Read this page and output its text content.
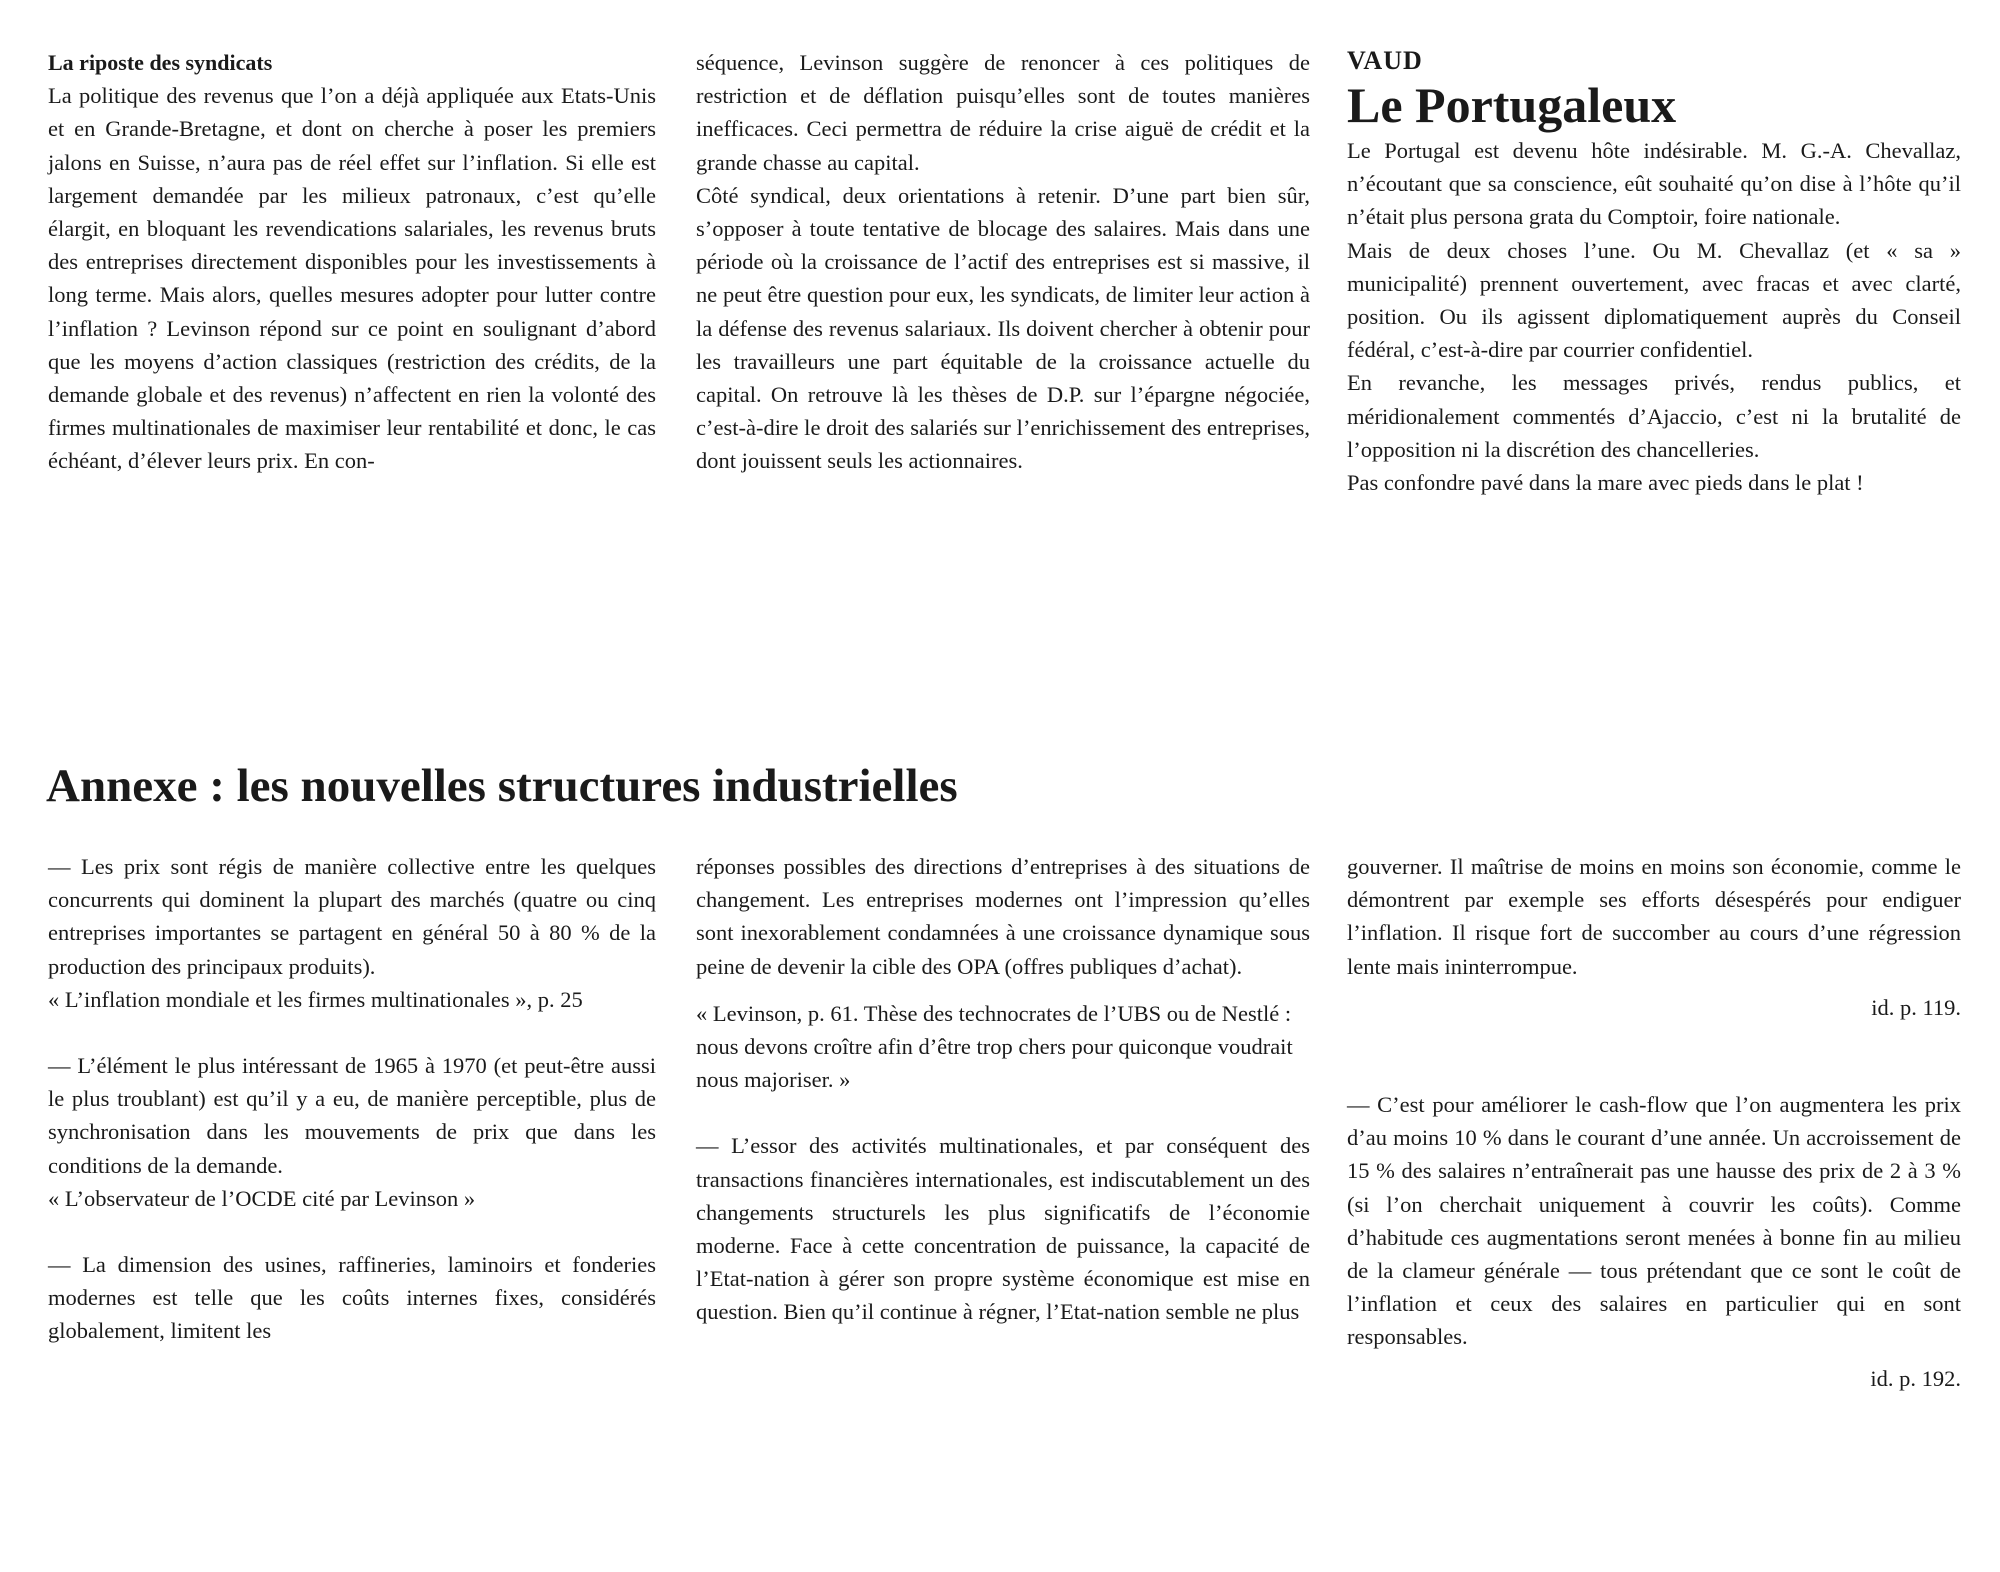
La riposte des syndicats

La politique des revenus que l’on a déjà appliquée aux Etats-Unis et en Grande-Bretagne, et dont on cherche à poser les premiers jalons en Suisse, n’aura pas de réel effet sur l’inflation. Si elle est largement demandée par les milieux patronaux, c’est qu’elle élargit, en bloquant les revendications salariales, les revenus bruts des entreprises directement disponibles pour les investissements à long terme. Mais alors, quelles mesures adopter pour lutter contre l’inflation ? Levinson répond sur ce point en soulignant d’abord que les moyens d’action classiques (restriction des crédits, de la demande globale et des revenus) n’affectent en rien la volonté des firmes multinationales de maximiser leur rentabilité et donc, le cas échéant, d’élever leurs prix. En con-

séquence, Levinson suggère de renoncer à ces politiques de restriction et de déflation puisqu’elles sont de toutes manières inefficaces. Ceci permettra de réduire la crise aiguë de crédit et la grande chasse au capital.

Côté syndical, deux orientations à retenir. D’une part bien sûr, s’opposer à toute tentative de blocage des salaires. Mais dans une période où la croissance de l’actif des entreprises est si massive, il ne peut être question pour eux, les syndicats, de limiter leur action à la défense des revenus salariaux. Ils doivent chercher à obtenir pour les travailleurs une part équitable de la croissance actuelle du capital. On retrouve là les thèses de D.P. sur l’épargne négociée, c’est-à-dire le droit des salariés sur l’enrichissement des entreprises, dont jouissent seuls les actionnaires.

VAUD

Le Portugaleux

Le Portugal est devenu hôte indésirable. M. G.-A. Chevallaz, n’écoutant que sa conscience, eût souhaité qu’on dise à l’hôte qu’il n’était plus persona grata du Comptoir, foire nationale.

Mais de deux choses l’une. Ou M. Chevallaz (et « sa » municipalité) prennent ouvertement, avec fracas et avec clarté, position. Ou ils agissent diplomatiquement auprès du Conseil fédéral, c’est-à-dire par courrier confidentiel.

En revanche, les messages privés, rendus publics, et méridionalement commentés d’Ajaccio, c’est ni la brutalité de l’opposition ni la discrétion des chancelleries.

Pas confondre pavé dans la mare avec pieds dans le plat !

Annexe : les nouvelles structures industrielles

— Les prix sont régis de manière collective entre les quelques concurrents qui dominent la plupart des marchés (quatre ou cinq entreprises importantes se partagent en général 50 à 80 % de la production des principaux produits).

« L’inflation mondiale et les firmes multinationales », p. 25

— L’élément le plus intéressant de 1965 à 1970 (et peut-être aussi le plus troublant) est qu’il y a eu, de manière perceptible, plus de synchronisation dans les mouvements de prix que dans les conditions de la demande.

« L’observateur de l’OCDE cité par Levinson »

— La dimension des usines, raffineries, laminoirs et fonderies modernes est telle que les coûts internes fixes, considérés globalement, limitent les

réponses possibles des directions d’entreprises à des situations de changement. Les entreprises modernes ont l’impression qu’elles sont inexorablement condamnées à une croissance dynamique sous peine de devenir la cible des OPA (offres publiques d’achat).

« Levinson, p. 61. Thèse des technocrates de l’UBS ou de Nestlé : nous devons croître afin d’être trop chers pour quiconque voudrait nous majoriser. »

— L’essor des activités multinationales, et par conséquent des transactions financières internationales, est indiscutablement un des changements structurels les plus significatifs de l’économie moderne. Face à cette concentration de puissance, la capacité de l’Etat-nation à gérer son propre système économique est mise en question. Bien qu’il continue à régner, l’Etat-nation semble ne plus

gouverner. Il maîtrise de moins en moins son économie, comme le démontrent par exemple ses efforts désespérés pour endiguer l’inflation. Il risque fort de succomber au cours d’une régression lente mais ininterrompue.

id. p. 119.

— C’est pour améliorer le cash-flow que l’on augmentera les prix d’au moins 10 % dans le courant d’une année. Un accroissement de 15 % des salaires n’entraînerait pas une hausse des prix de 2 à 3 % (si l’on cherchait uniquement à couvrir les coûts). Comme d’habitude ces augmentations seront menées à bonne fin au milieu de la clameur générale — tous prétendant que ce sont le coût de l’inflation et ceux des salaires en particulier qui en sont responsables.

id. p. 192.
